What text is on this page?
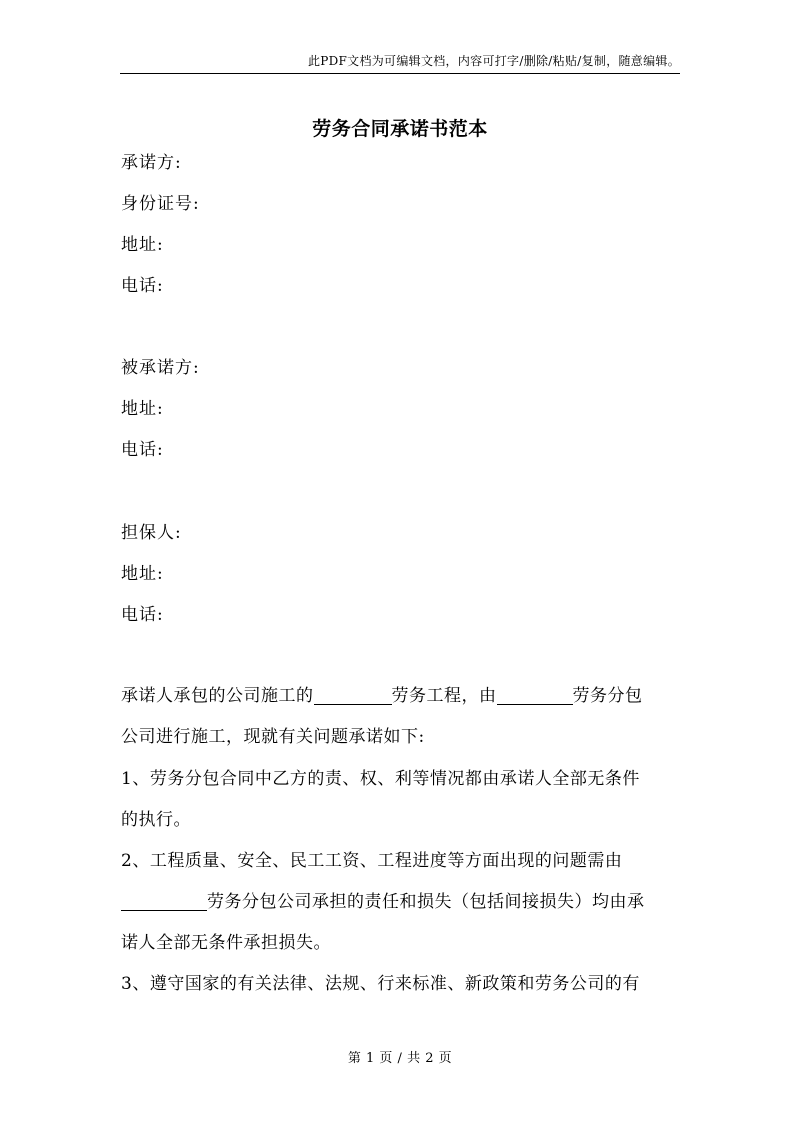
此PDF文档为可编辑文档，内容可打字/删除/粘贴/复制，随意编辑。
劳务合同承诺书范本
承诺方:
身份证号:
地址:
电话:
被承诺方:
地址:
电话:
担保人:
地址:
电话:
承诺人承包的公司施工的	劳务工程，由	劳务分包
公司进行施工，现就有关问题承诺如下:
1、劳务分包合同中乙方的责、权、利等情况都由承诺人全部无条件
的执行。
2、工程质量、安全、民工工资、工程进度等方面出现的问题需由
劳务分包公司承担的责任和损失（包括间接损失）均由承
诺人全部无条件承担损失。
3、遵守国家的有关法律、法规、行来标准、新政策和劳务公司的有
第 1 页 / 共 2 页
